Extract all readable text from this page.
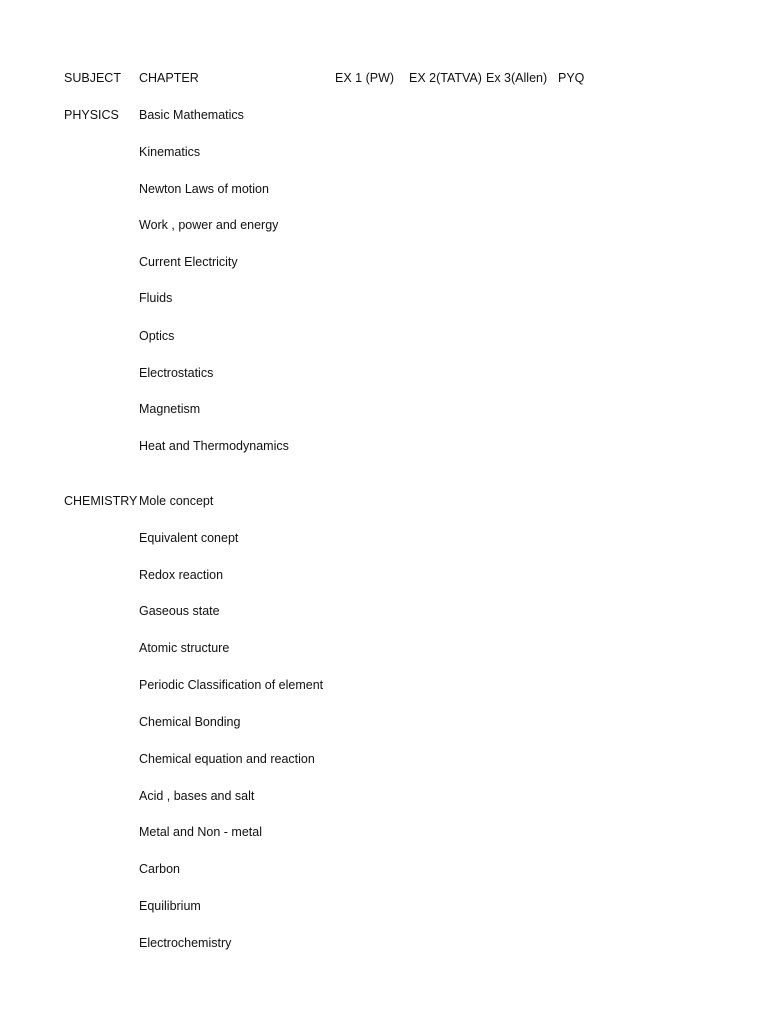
SUBJECT CHAPTER	EX 1 (PW) EX 2(TATVA) Ex 3(Allen) PYQ
PHYSICS Basic Mathematics
Kinematics
Newton Laws of motion
Work , power and energy
Current Electricity
Fluids
Optics
Electrostatics
Magnetism
Heat and Thermodynamics
CHEMISTRY Mole concept
Equivalent conept
Redox reaction
Gaseous state
Atomic structure
Periodic Classification of element
Chemical Bonding
Chemical equation and reaction
Acid , bases and salt
Metal and Non - metal
Carbon
Equilibrium
Electrochemistry
